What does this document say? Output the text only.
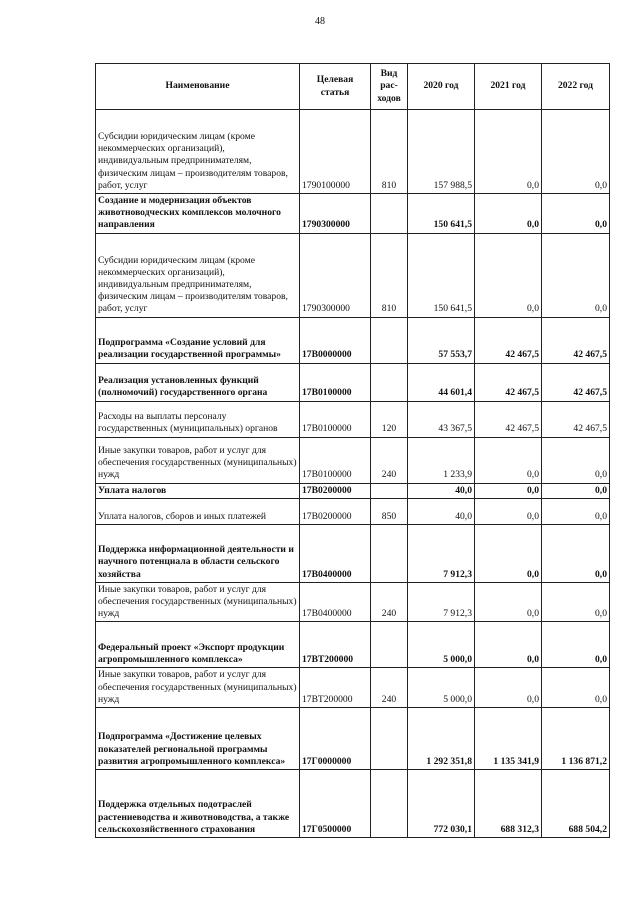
48
Наименование	Целевая статья	Вид рас-ходов	2020 год	2021 год	2022 год
Субсидии юридическим лицам (кроме некоммерческих организаций), индивидуальным предпринимателям, физическим лицам – производителям товаров, работ, услуг	1790100000	810	157 988,5	0,0	0,0
Создание и модернизация объектов животноводческих комплексов молочного направления	1790300000		150 641,5	0,0	0,0
Субсидии юридическим лицам (кроме некоммерческих организаций), индивидуальным предпринимателям, физическим лицам – производителям товаров, работ, услуг	1790300000	810	150 641,5	0,0	0,0
Подпрограмма «Создание условий для реализации государственной программы»	17В0000000		57 553,7	42 467,5	42 467,5
Реализация установленных функций (полномочий) государственного органа	17В0100000		44 601,4	42 467,5	42 467,5
Расходы на выплаты персоналу государственных (муниципальных) органов	17В0100000	120	43 367,5	42 467,5	42 467,5
Иные закупки товаров, работ и услуг для обеспечения государственных (муниципальных) нужд	17В0100000	240	1 233,9	0,0	0,0
Уплата налогов	17В0200000		40,0	0,0	0,0
Уплата налогов, сборов и иных платежей	17В0200000	850	40,0	0,0	0,0
Поддержка информационной деятельности и научного потенциала в области сельского хозяйства	17В0400000		7 912,3	0,0	0,0
Иные закупки товаров, работ и услуг для обеспечения государственных (муниципальных) нужд	17В0400000	240	7 912,3	0,0	0,0
Федеральный проект «Экспорт продукции агропромышленного комплекса»	17ВТ200000		5 000,0	0,0	0,0
Иные закупки товаров, работ и услуг для обеспечения государственных (муниципальных) нужд	17ВТ200000	240	5 000,0	0,0	0,0
Подпрограмма «Достижение целевых показателей региональной программы развития агропромышленного комплекса»	17Г0000000		1 292 351,8	1 135 341,9	1 136 871,2
Поддержка отдельных подотраслей растениеводства и животноводства, а также сельскохозяйственного страхования	17Г0500000		772 030,1	688 312,3	688 504,2
